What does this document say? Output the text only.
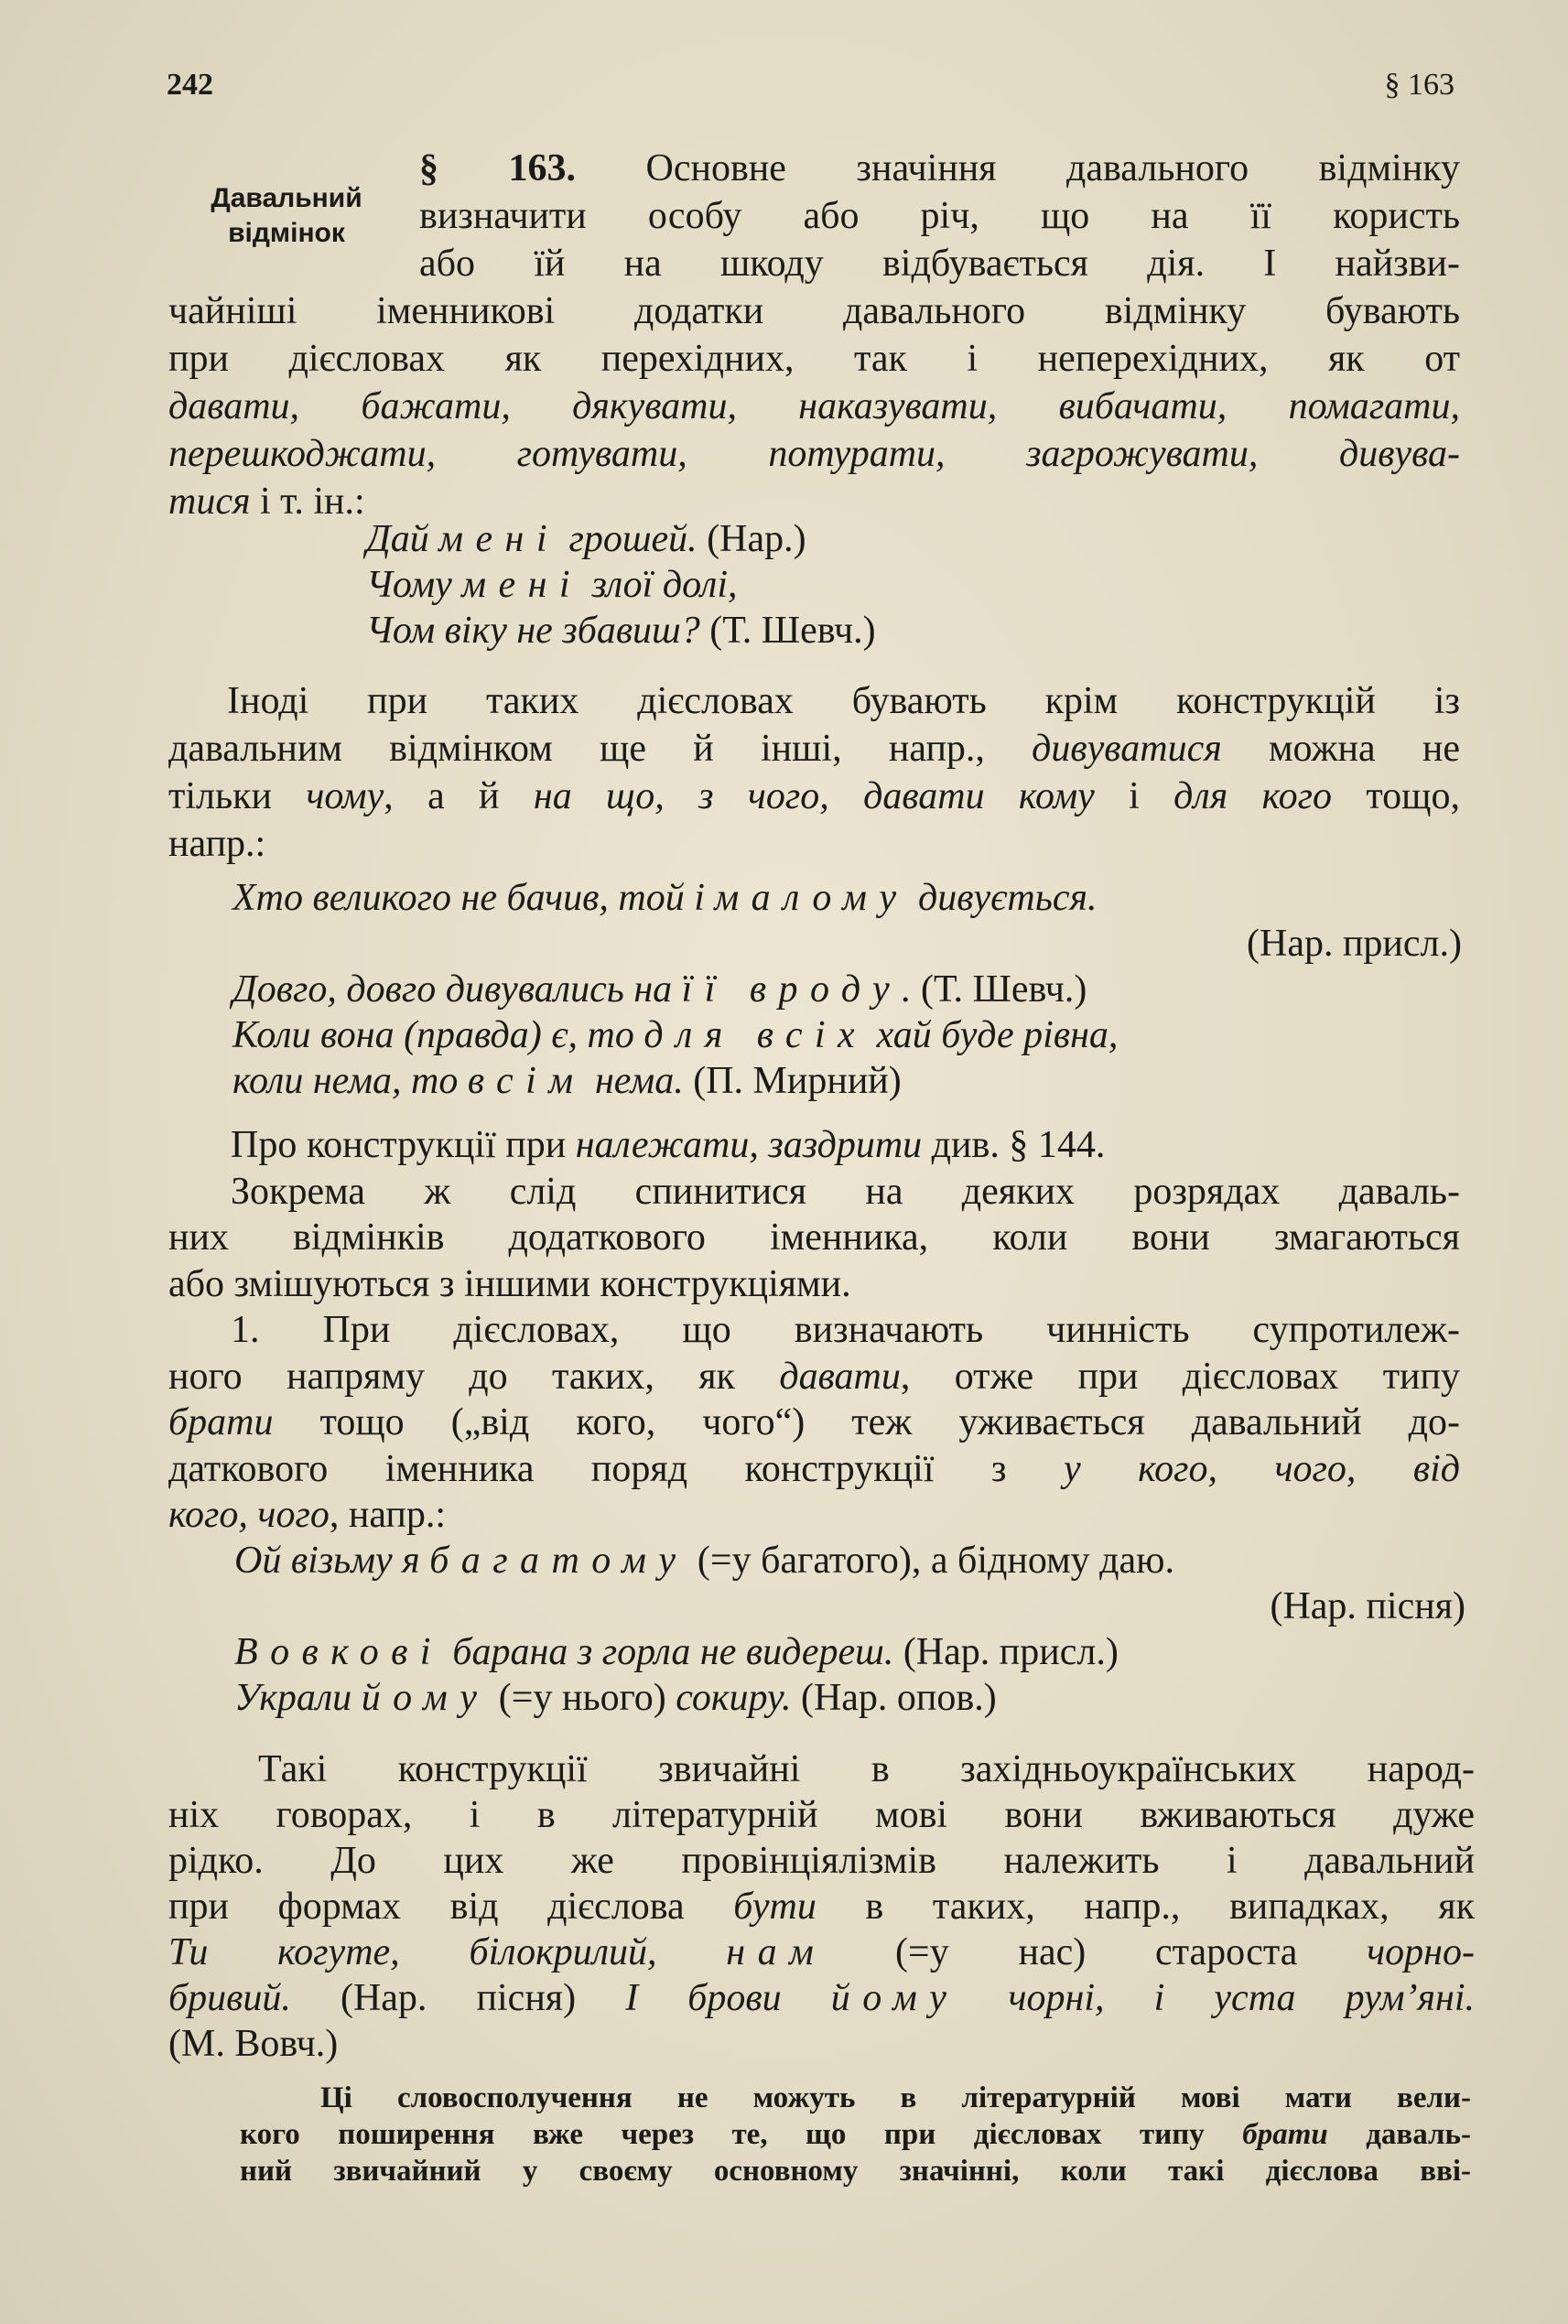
242	§ 163
Давальний
відмінок
§ 163. Основне значіння давального відмінку
визначити особу або річ, що на її користь
або їй на шкоду відбувається дія. І найзви-
чайніші іменникові додатки давального відмінку бувають
при дієсловах як перехідних, так і неперехідних, як от
давати, бажати, дякувати, наказувати, вибачати, помагати,
перешкоджати, готувати, потурати, загрожувати, дивува-
тися і т. ін.:
Дай мені грошей. (Нар.)
Чому мені злої долі,
Чом віку не збавиш? (Т. Шевч.)
Іноді при таких дієсловах бувають крім конструкцій із
давальним відмінком ще й інші, напр., дивуватися можна не
тільки чому, а й на що, з чого, давати кому і для кого тощо,
напр.:
Хто великого не бачив, той і малому дивується.
(Нар. присл.)
Довго, довго дивувались на її вроду. (Т. Шевч.)
Коли вона (правда) є, то для всіх хай буде рівна,
коли нема, то всім нема. (П. Мирний)
Про конструкції при належати, заздрити див. § 144.
Зокрема ж слід спинитися на деяких розрядах даваль-
них відмінків додаткового іменника, коли вони змагаються
або змішуються з іншими конструкціями.
1. При дієсловах, що визначають чинність супротилеж-
ного напряму до таких, як давати, отже при дієсловах типу
брати тощо („від кого, чого“) теж уживається давальний до-
даткового іменника поряд конструкції з у кого, чого, від
кого, чого, напр.:
Ой візьму я багатому (=у багатого), а бідному даю.
(Нар. пісня)
Вовкові барана з горла не видереш. (Нар. присл.)
Украли йому (=у нього) сокиру. (Нар. опов.)
Такі конструкції звичайні в західньоукраїнських народ-
ніх говорах, і в літературній мові вони вживаються дуже
рідко. До цих же провінціялізмів належить і давальний
при формах від дієслова бути в таких, напр., випадках, як
Ти когуте, білокрилий, нам (=у нас) староста чорно-
бривий. (Нар. пісня) І брови йому чорні, і уста рум’яні.
(М. Вовч.)
Ці словосполучення не можуть в літературній мові мати вели-
кого поширення вже через те, що при дієсловах типу брати даваль-
ний звичайний у своєму основному значінні, коли такі дієслова вві-
